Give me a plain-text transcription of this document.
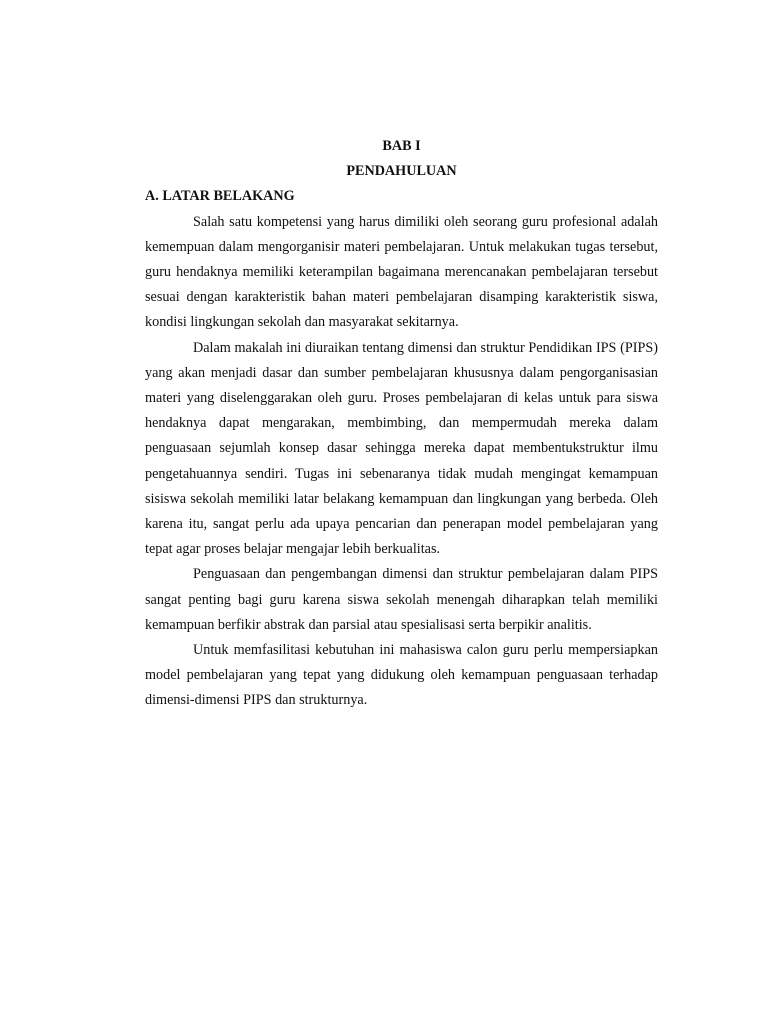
BAB I

PENDAHULUAN

A. LATAR BELAKANG

Salah satu kompetensi yang harus dimiliki oleh seorang guru profesional adalah kemempuan dalam mengorganisir materi pembelajaran. Untuk melakukan tugas tersebut, guru hendaknya memiliki keterampilan bagaimana merencanakan pembelajaran tersebut sesuai dengan karakteristik bahan materi pembelajaran disamping karakteristik siswa, kondisi lingkungan sekolah dan masyarakat sekitarnya.

Dalam makalah ini diuraikan tentang dimensi dan struktur Pendidikan IPS (PIPS) yang akan menjadi dasar dan sumber pembelajaran khususnya dalam pengorganisasian materi yang diselenggarakan oleh guru. Proses pembelajaran di kelas untuk para siswa hendaknya dapat mengarakan, membimbing, dan mempermudah mereka dalam penguasaan sejumlah konsep dasar sehingga mereka dapat membentukstruktur ilmu pengetahuannya sendiri. Tugas ini sebenaranya tidak mudah mengingat kemampuan sisiswa sekolah memiliki latar belakang kemampuan dan lingkungan yang berbeda. Oleh karena itu, sangat perlu ada upaya pencarian dan penerapan model pembelajaran yang tepat agar proses belajar mengajar lebih berkualitas.

Penguasaan dan pengembangan dimensi dan struktur pembelajaran dalam PIPS sangat penting bagi guru karena siswa sekolah menengah diharapkan telah memiliki kemampuan berfikir abstrak dan parsial atau spesialisasi serta berpikir analitis.

Untuk memfasilitasi kebutuhan ini mahasiswa calon guru perlu mempersiapkan model pembelajaran yang tepat yang didukung oleh kemampuan penguasaan terhadap dimensi-dimensi PIPS dan strukturnya.
